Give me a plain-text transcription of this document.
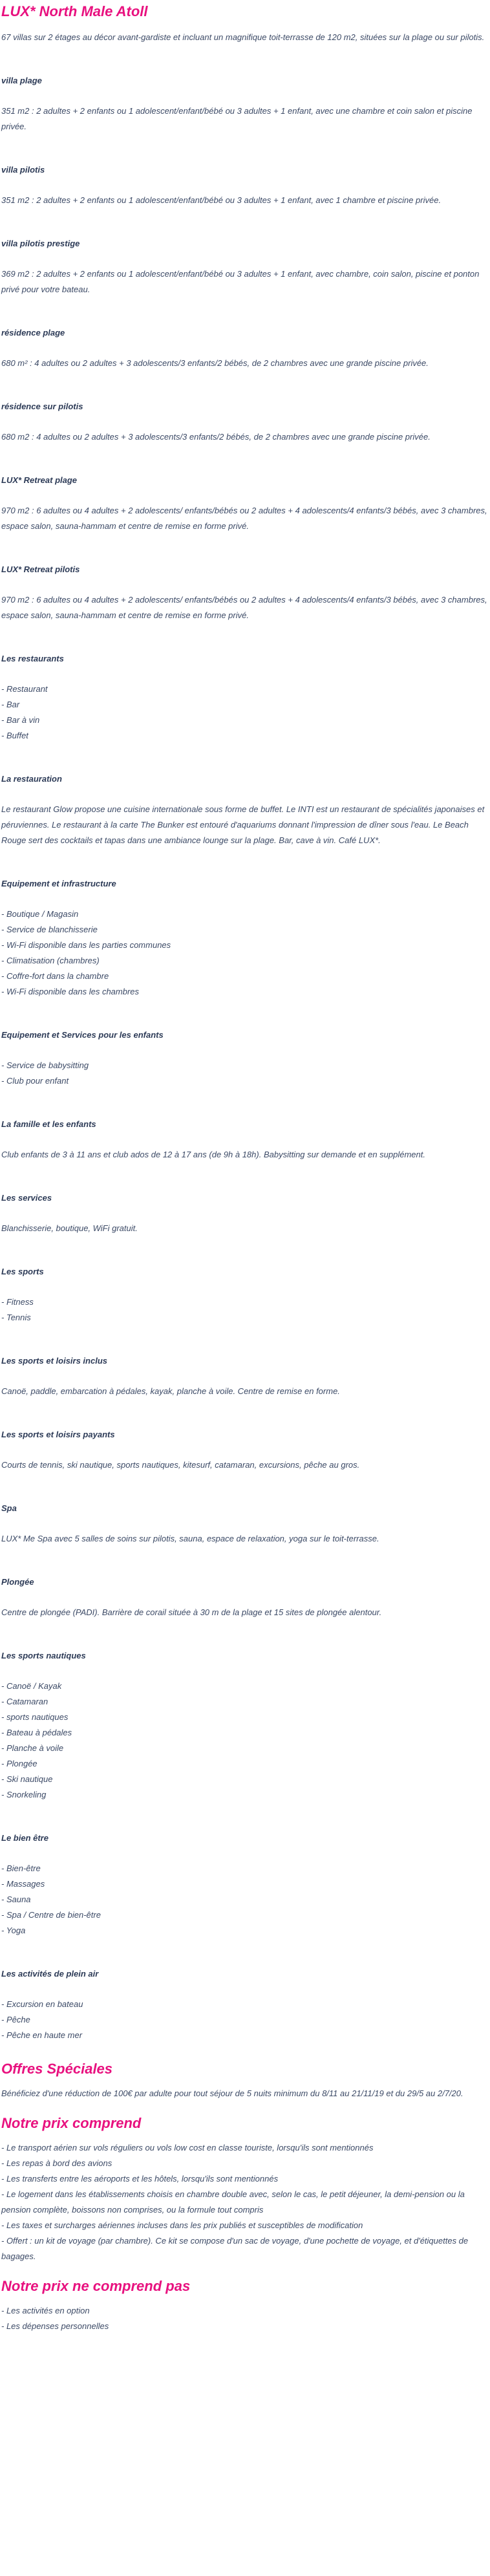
LUX* North Male Atoll

67 villas sur 2 étages au décor avant-gardiste et incluant un magnifique toit-terrasse de 120 m2, situées sur la plage ou sur pilotis.

villa plage

351 m2 : 2 adultes + 2 enfants ou 1 adolescent/enfant/bébé ou 3 adultes + 1 enfant, avec une chambre et coin salon et piscine privée.

villa pilotis

351 m2 : 2 adultes + 2 enfants ou 1 adolescent/enfant/bébé ou 3 adultes + 1 enfant, avec 1 chambre et piscine privée.

villa pilotis prestige

369 m2 : 2 adultes + 2 enfants ou 1 adolescent/enfant/bébé ou 3 adultes + 1 enfant, avec chambre, coin salon, piscine et ponton privé pour votre bateau.

résidence plage

680 m² : 4 adultes ou 2 adultes + 3 adolescents/3 enfants/2 bébés, de 2 chambres avec une grande piscine privée.

résidence sur pilotis

680 m2 : 4 adultes ou 2 adultes + 3 adolescents/3 enfants/2 bébés, de 2 chambres avec une grande piscine privée.

LUX* Retreat plage

970 m2 : 6 adultes ou 4 adultes + 2 adolescents/ enfants/bébés ou 2 adultes + 4 adolescents/4 enfants/3 bébés, avec 3 chambres, espace salon, sauna-hammam et centre de remise en forme privé.

LUX* Retreat pilotis

970 m2 : 6 adultes ou 4 adultes + 2 adolescents/ enfants/bébés ou 2 adultes + 4 adolescents/4 enfants/3 bébés, avec 3 chambres, espace salon, sauna-hammam et centre de remise en forme privé.

Les restaurants
- Restaurant
- Bar
- Bar à vin
- Buffet
La restauration

Le restaurant Glow propose une cuisine internationale sous forme de buffet. Le INTI est un restaurant de spécialités japonaises et péruviennes. Le restaurant à la carte The Bunker est entouré d'aquariums donnant l'impression de dîner sous l'eau. Le Beach Rouge sert des cocktails et tapas dans une ambiance lounge sur la plage. Bar, cave à vin. Café LUX*.

Equipement et infrastructure
- Boutique / Magasin
- Service de blanchisserie
- Wi-Fi disponible dans les parties communes
- Climatisation (chambres)
- Coffre-fort dans la chambre
- Wi-Fi disponible dans les chambres
Equipement et Services pour les enfants
- Service de babysitting
- Club pour enfant
La famille et les enfants

Club enfants de 3 à 11 ans et club ados de 12 à 17 ans (de 9h à 18h). Babysitting sur demande et en supplément.

Les services

Blanchisserie, boutique, WiFi gratuit.

Les sports
- Fitness
- Tennis
Les sports et loisirs inclus

Canoë, paddle, embarcation à pédales, kayak, planche à voile. Centre de remise en forme.

Les sports et loisirs payants

Courts de tennis, ski nautique, sports nautiques, kitesurf, catamaran, excursions, pêche au gros.

Spa

LUX* Me Spa avec 5 salles de soins sur pilotis, sauna, espace de relaxation, yoga sur le toit-terrasse.

Plongée

Centre de plongée (PADI). Barrière de corail située à 30 m de la plage et 15 sites de plongée alentour.

Les sports nautiques
- Canoë / Kayak
- Catamaran
- sports nautiques
- Bateau à pédales
- Planche à voile
- Plongée
- Ski nautique
- Snorkeling
Le bien être
- Bien-être
- Massages
- Sauna
- Spa / Centre de bien-être
- Yoga
Les activités de plein air
- Excursion en bateau
- Pêche
- Pêche en haute mer
Offres Spéciales

Bénéficiez d'une réduction de 100€ par adulte pour tout séjour de 5 nuits minimum du 8/11 au 21/11/19 et du 29/5 au 2/7/20.

Notre prix comprend
- Le transport aérien sur vols réguliers ou vols low cost en classe touriste, lorsqu'ils sont mentionnés
- Les repas à bord des avions
- Les transferts entre les aéroports et les hôtels, lorsqu'ils sont mentionnés
- Le logement dans les établissements choisis en chambre double avec, selon le cas, le petit déjeuner, la demi-pension ou la pension complète, boissons non comprises, ou la formule tout compris
- Les taxes et surcharges aériennes incluses dans les prix publiés et susceptibles de modification
- Offert : un kit de voyage (par chambre). Ce kit se compose d'un sac de voyage, d'une pochette de voyage, et d'étiquettes de bagages.
Notre prix ne comprend pas
- Les activités en option
- Les dépenses personnelles
